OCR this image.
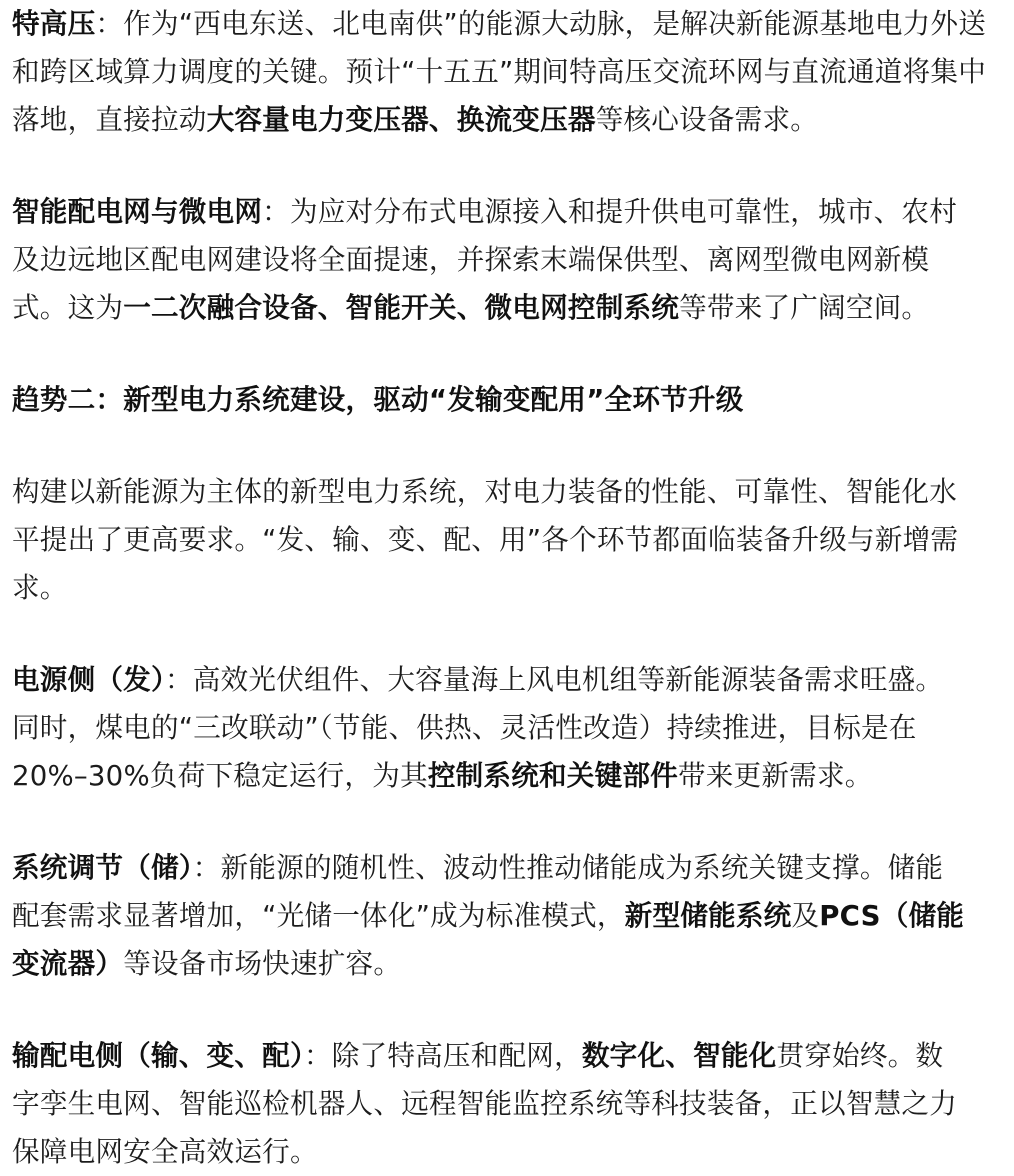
特高压：作为“西电东送、北电南供”的能源大动脉，是解决新能源基地电力外送
和跨区域算力调度的关键。预计“十五五”期间特高压交流环网与直流通道将集中
落地，直接拉动大容量电力变压器、换流变压器等核心设备需求。
智能配电网与微电网：为应对分布式电源接入和提升供电可靠性，城市、农村
及边远地区配电网建设将全面提速，并探索末端保供型、离网型微电网新模
式。这为一二次融合设备、智能开关、微电网控制系统等带来了广阔空间。
趋势二：新型电力系统建设，驱动“发输变配用”全环节升级
构建以新能源为主体的新型电力系统，对电力装备的性能、可靠性、智能化水
平提出了更高要求。“发、输、变、配、用”各个环节都面临装备升级与新增需
求。
电源侧（发）：高效光伏组件、大容量海上风电机组等新能源装备需求旺盛。
同时，煤电的“三改联动”（节能、供热、灵活性改造）持续推进，目标是在
20%–30%负荷下稳定运行，为其控制系统和关键部件带来更新需求。
系统调节（储）：新能源的随机性、波动性推动储能成为系统关键支撑。储能
配套需求显著增加，“光储一体化”成为标准模式，新型储能系统及PCS（储能
变流器）等设备市场快速扩容。
输配电侧（输、变、配）：除了特高压和配网，数字化、智能化贯穿始终。数
字孪生电网、智能巡检机器人、远程智能监控系统等科技装备，正以智慧之力
保障电网安全高效运行。
